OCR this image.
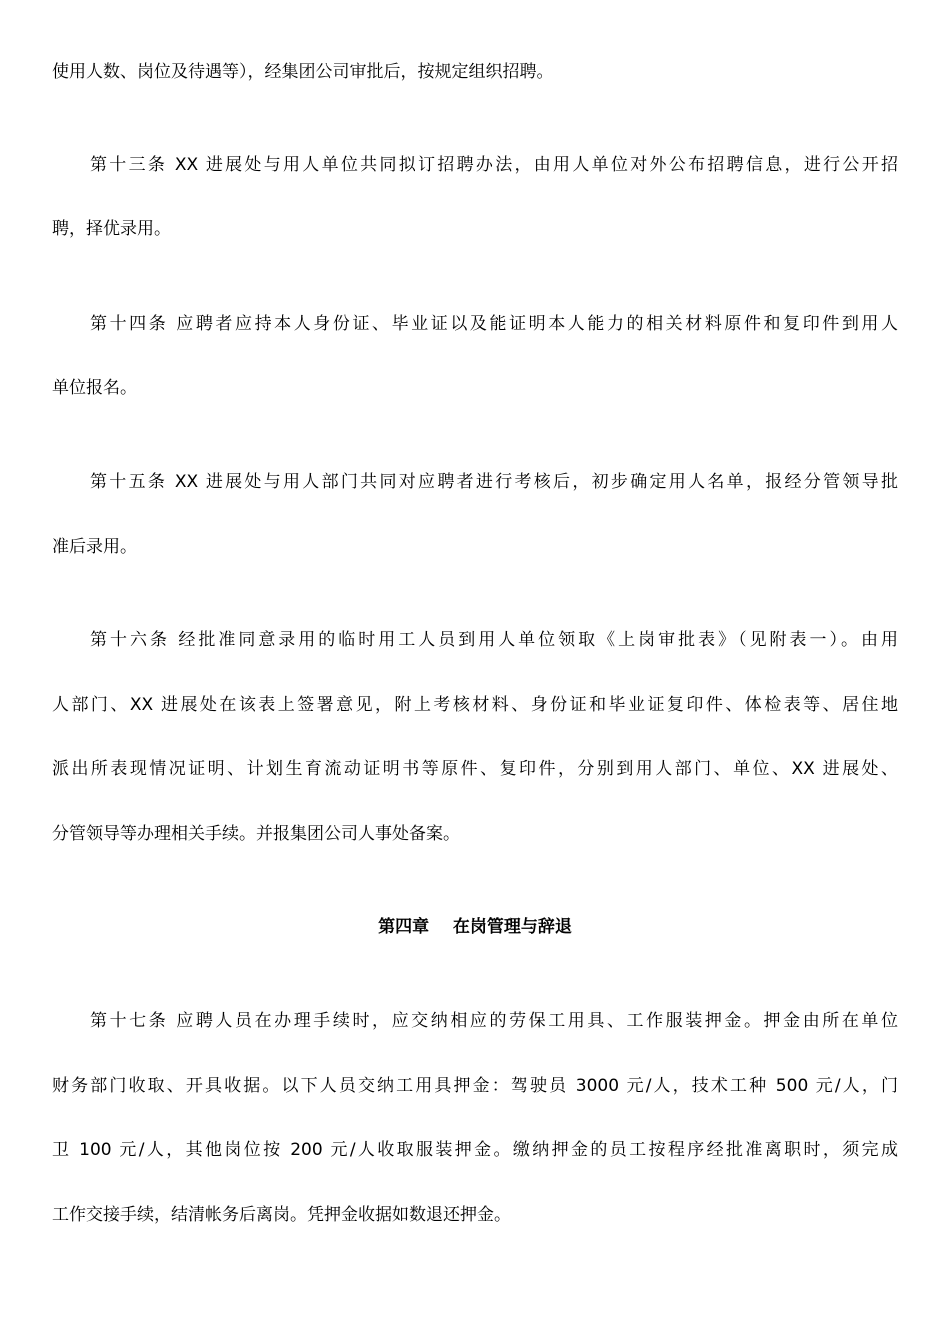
使用人数、岗位及待遇等），经集团公司审批后，按规定组织招聘。
第十三条 XX 进展处与用人单位共同拟订招聘办法，由用人单位对外公布招聘信息，进行公开招
聘，择优录用。
第十四条 应聘者应持本人身份证、毕业证以及能证明本人能力的相关材料原件和复印件到用人
单位报名。
第十五条 XX 进展处与用人部门共同对应聘者进行考核后，初步确定用人名单，报经分管领导批
准后录用。
第十六条 经批准同意录用的临时用工人员到用人单位领取《上岗审批表》（见附表一）。由用
人部门、XX 进展处在该表上签署意见，附上考核材料、身份证和毕业证复印件、体检表等、居住地
派出所表现情况证明、计划生育流动证明书等原件、复印件，分别到用人部门、单位、XX 进展处、
分管领导等办理相关手续。并报集团公司人事处备案。
第四章    在岗管理与辞退
第十七条 应聘人员在办理手续时，应交纳相应的劳保工用具、工作服装押金。押金由所在单位
财务部门收取、开具收据。以下人员交纳工用具押金：驾驶员 3000 元/人，技术工种 500 元/人，门
卫 100 元/人，其他岗位按 200 元/人收取服装押金。缴纳押金的员工按程序经批准离职时，须完成
工作交接手续，结清帐务后离岗。凭押金收据如数退还押金。
